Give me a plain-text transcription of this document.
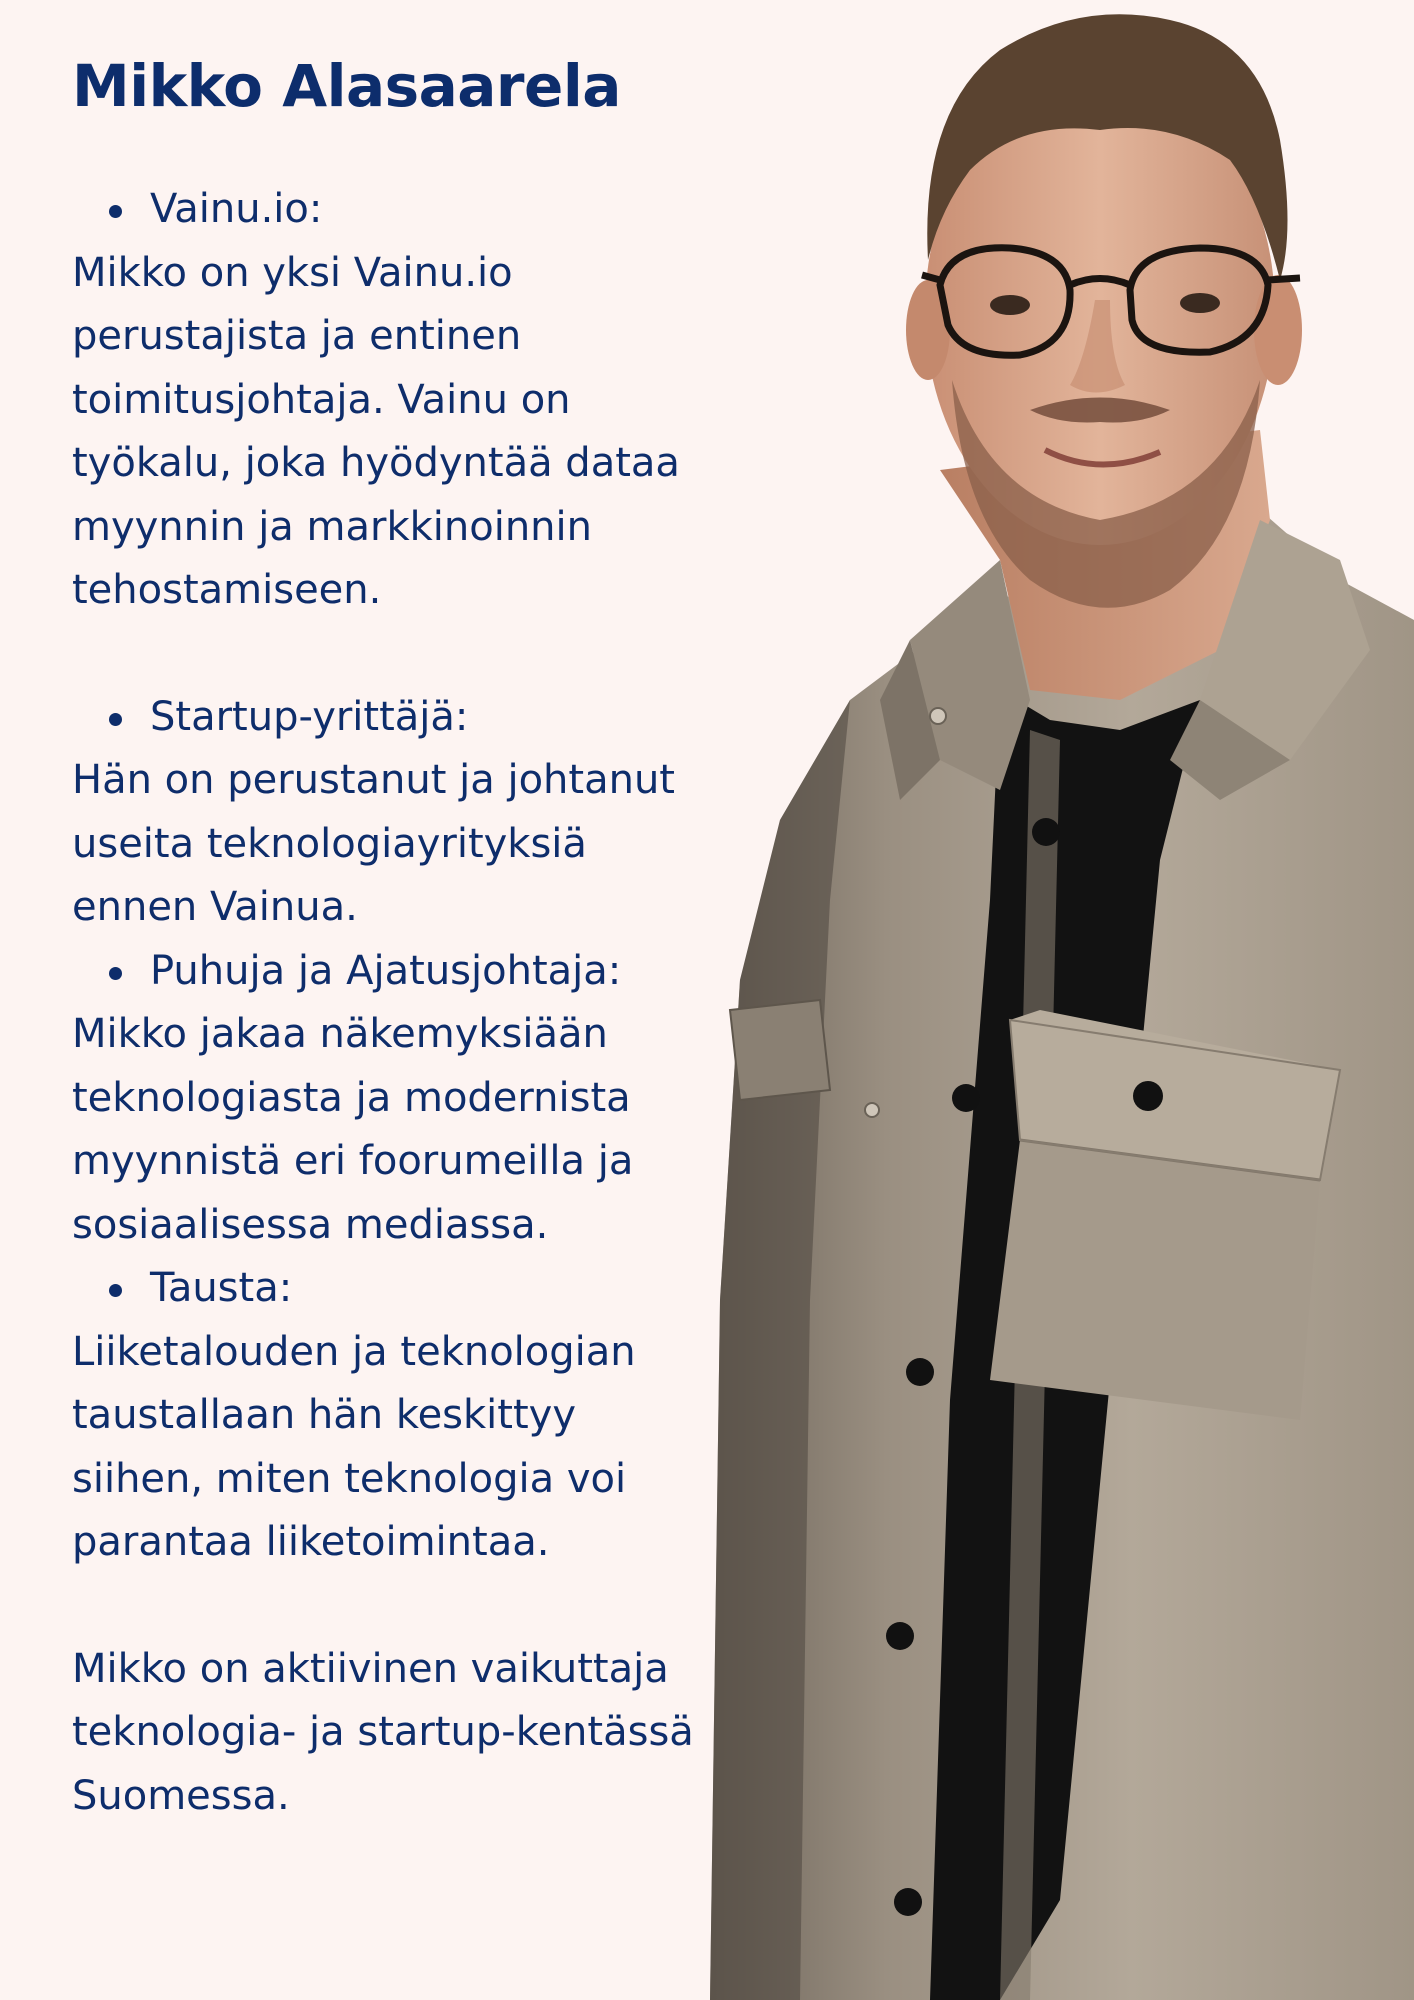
Mikko Alasaarela

Vainu.io:

Mikko on yksi Vainu.io
perustajista ja entinen
toimitusjohtaja. Vainu on
työkalu, joka hyödyntää dataa
myynnin ja markkinoinnin
tehostamiseen.

Startup-yrittäjä:

Hän on perustanut ja johtanut
useita teknologiayrityksiä
ennen Vainua.

Puhuja ja Ajatusjohtaja:

Mikko jakaa näkemyksiään
teknologiasta ja modernista
myynnistä eri foorumeilla ja
sosiaalisessa mediassa.

Tausta:

Liiketalouden ja teknologian
taustallaan hän keskittyy
siihen, miten teknologia voi
parantaa liiketoimintaa.

Mikko on aktiivinen vaikuttaja
teknologia- ja startup-kentässä
Suomessa.
